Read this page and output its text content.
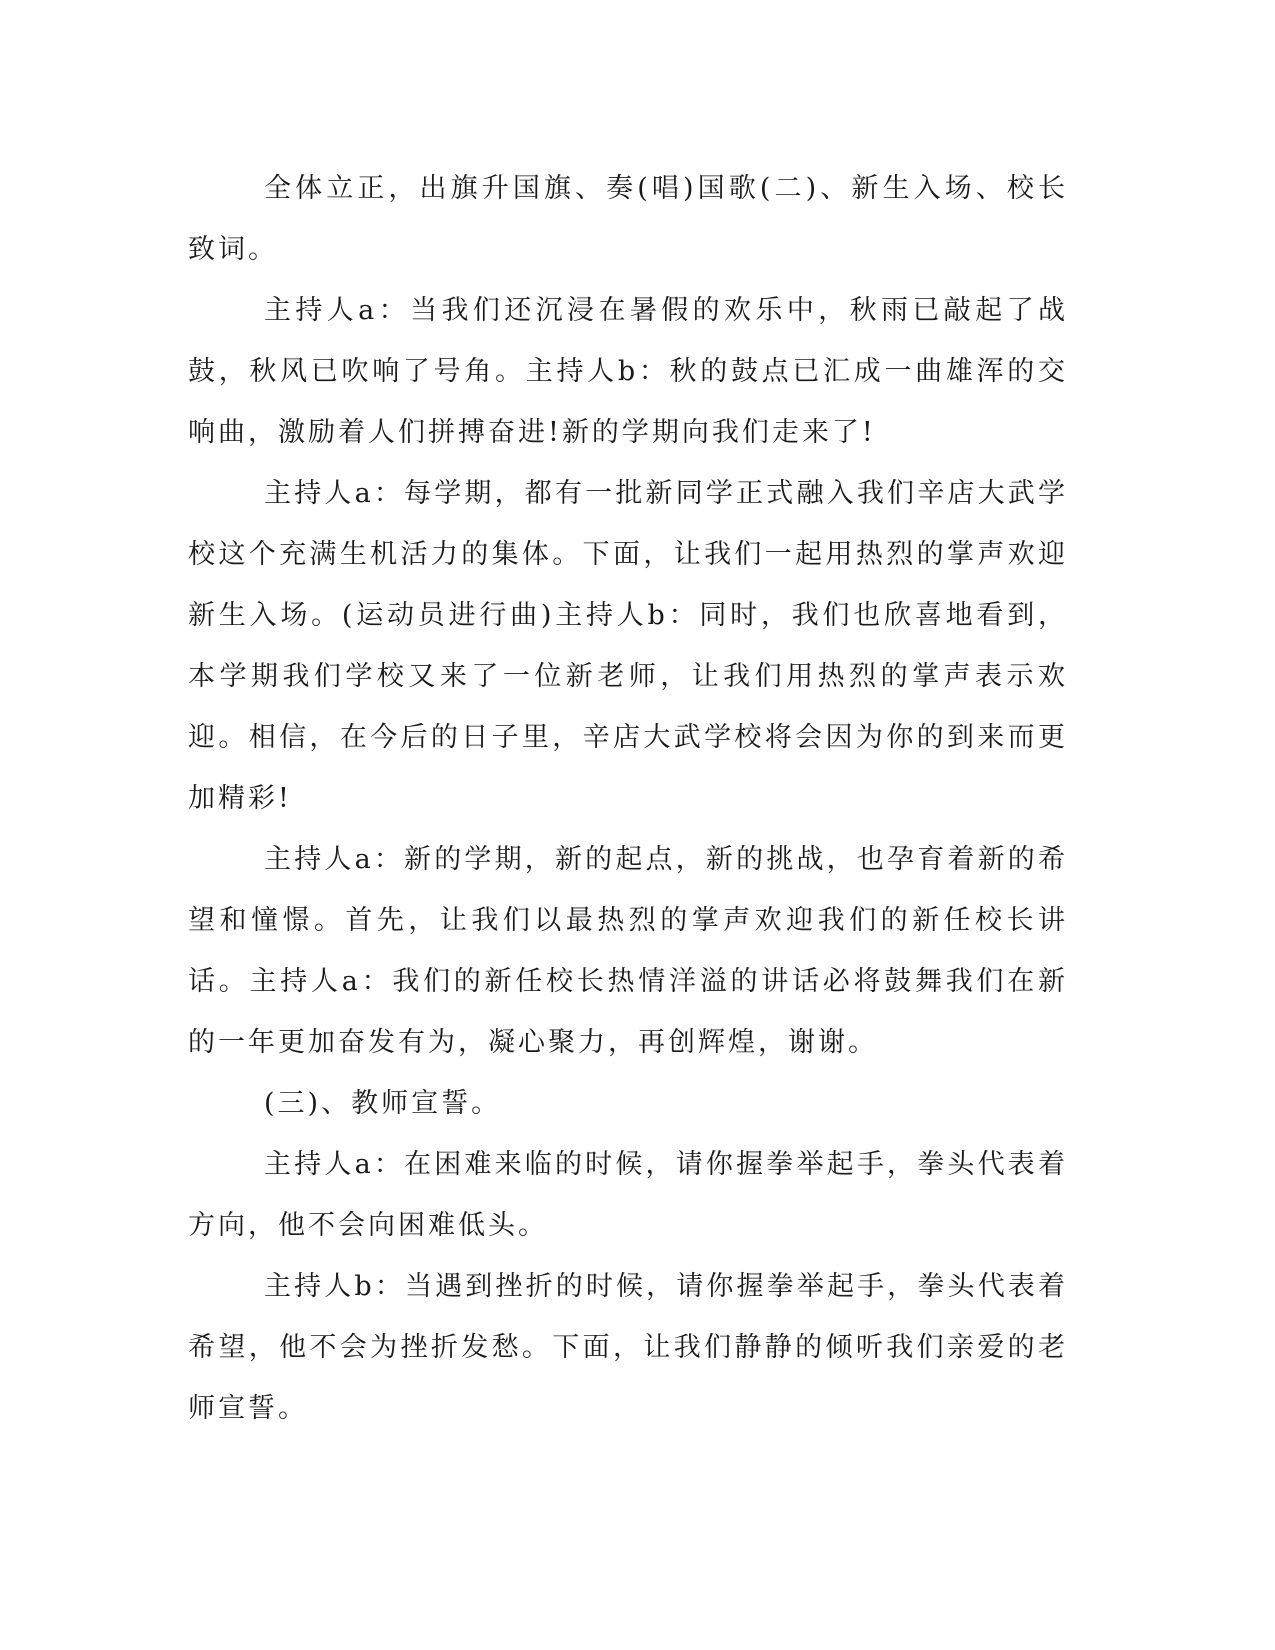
全体立正，出旗升国旗、奏(唱)国歌(二)、新生入场、校长致词。

主持人a：当我们还沉浸在暑假的欢乐中，秋雨已敲起了战鼓，秋风已吹响了号角。主持人b：秋的鼓点已汇成一曲雄浑的交响曲，激励着人们拼搏奋进!新的学期向我们走来了!

主持人a：每学期，都有一批新同学正式融入我们辛店大武学校这个充满生机活力的集体。下面，让我们一起用热烈的掌声欢迎新生入场。(运动员进行曲)主持人b：同时，我们也欣喜地看到，本学期我们学校又来了一位新老师，让我们用热烈的掌声表示欢迎。相信，在今后的日子里，辛店大武学校将会因为你的到来而更加精彩!

主持人a：新的学期，新的起点，新的挑战，也孕育着新的希望和憧憬。首先，让我们以最热烈的掌声欢迎我们的新任校长讲话。主持人a：我们的新任校长热情洋溢的讲话必将鼓舞我们在新的一年更加奋发有为，凝心聚力，再创辉煌，谢谢。

(三)、教师宣誓。

主持人a：在困难来临的时候，请你握拳举起手，拳头代表着方向，他不会向困难低头。

主持人b：当遇到挫折的时候，请你握拳举起手，拳头代表着希望，他不会为挫折发愁。下面，让我们静静的倾听我们亲爱的老师宣誓。
